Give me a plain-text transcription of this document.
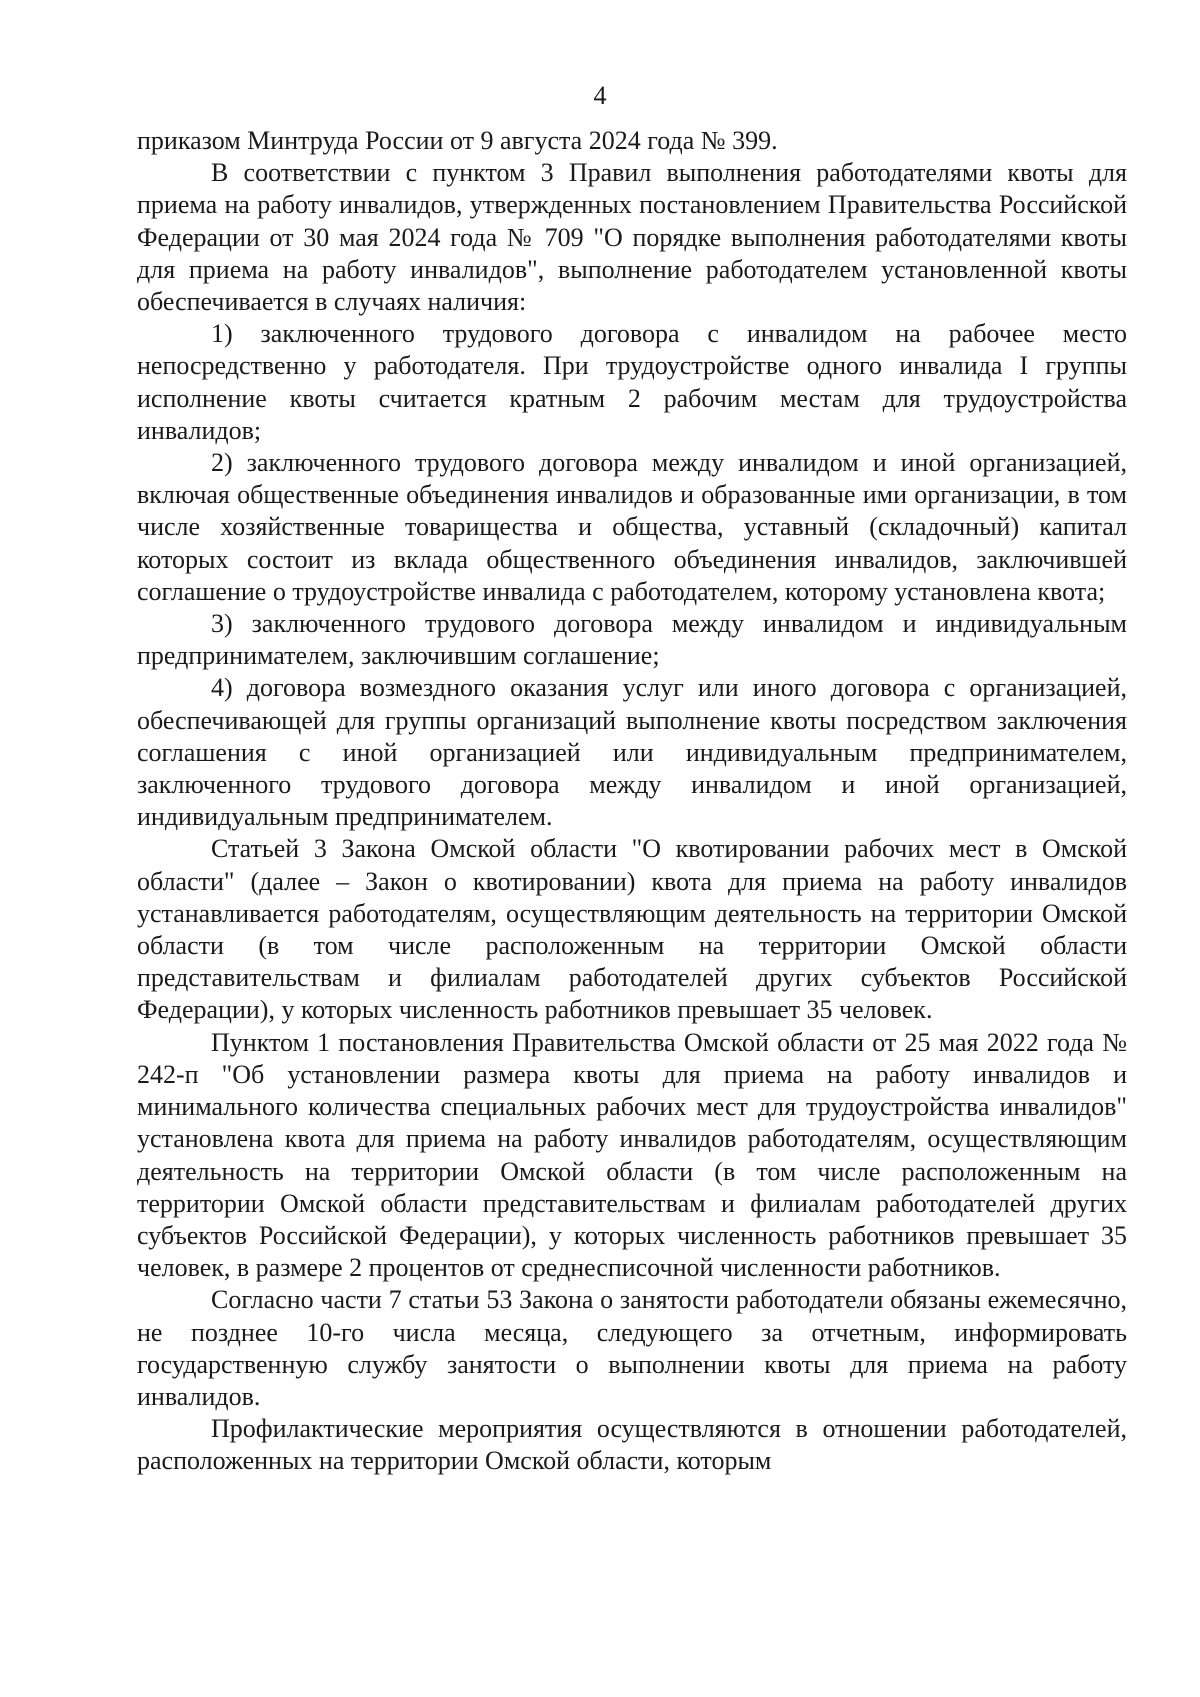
4

приказом Минтруда России от 9 августа 2024 года № 399.

В соответствии с пунктом 3 Правил выполнения работодателями квоты для приема на работу инвалидов, утвержденных постановлением Правительства Российской Федерации от 30 мая 2024 года № 709 "О порядке выполнения работодателями квоты для приема на работу инвалидов", выполнение работодателем установленной квоты обеспечивается в случаях наличия:

1) заключенного трудового договора с инвалидом на рабочее место непосредственно у работодателя. При трудоустройстве одного инвалида I группы исполнение квоты считается кратным 2 рабочим местам для трудоустройства инвалидов;

2) заключенного трудового договора между инвалидом и иной организацией, включая общественные объединения инвалидов и образованные ими организации, в том числе хозяйственные товарищества и общества, уставный (складочный) капитал которых состоит из вклада общественного объединения инвалидов, заключившей соглашение о трудоустройстве инвалида с работодателем, которому установлена квота;

3) заключенного трудового договора между инвалидом и индивидуальным предпринимателем, заключившим соглашение;

4) договора возмездного оказания услуг или иного договора с организацией, обеспечивающей для группы организаций выполнение квоты посредством заключения соглашения с иной организацией или индивидуальным предпринимателем, заключенного трудового договора между инвалидом и иной организацией, индивидуальным предпринимателем.

Статьей 3 Закона Омской области "О квотировании рабочих мест в Омской области" (далее – Закон о квотировании) квота для приема на работу инвалидов устанавливается работодателям, осуществляющим деятельность на территории Омской области (в том числе расположенным на территории Омской области представительствам и филиалам работодателей других субъектов Российской Федерации), у которых численность работников превышает 35 человек.

Пунктом 1 постановления Правительства Омской области от 25 мая 2022 года № 242-п "Об установлении размера квоты для приема на работу инвалидов и минимального количества специальных рабочих мест для трудоустройства инвалидов" установлена квота для приема на работу инвалидов работодателям, осуществляющим деятельность на территории Омской области (в том числе расположенным на территории Омской области представительствам и филиалам работодателей других субъектов Российской Федерации), у которых численность работников превышает 35 человек, в размере 2 процентов от среднесписочной численности работников.

Согласно части 7 статьи 53 Закона о занятости работодатели обязаны ежемесячно, не позднее 10-го числа месяца, следующего за отчетным, информировать государственную службу занятости о выполнении квоты для приема на работу инвалидов.

Профилактические мероприятия осуществляются в отношении работодателей, расположенных на территории Омской области, которым
